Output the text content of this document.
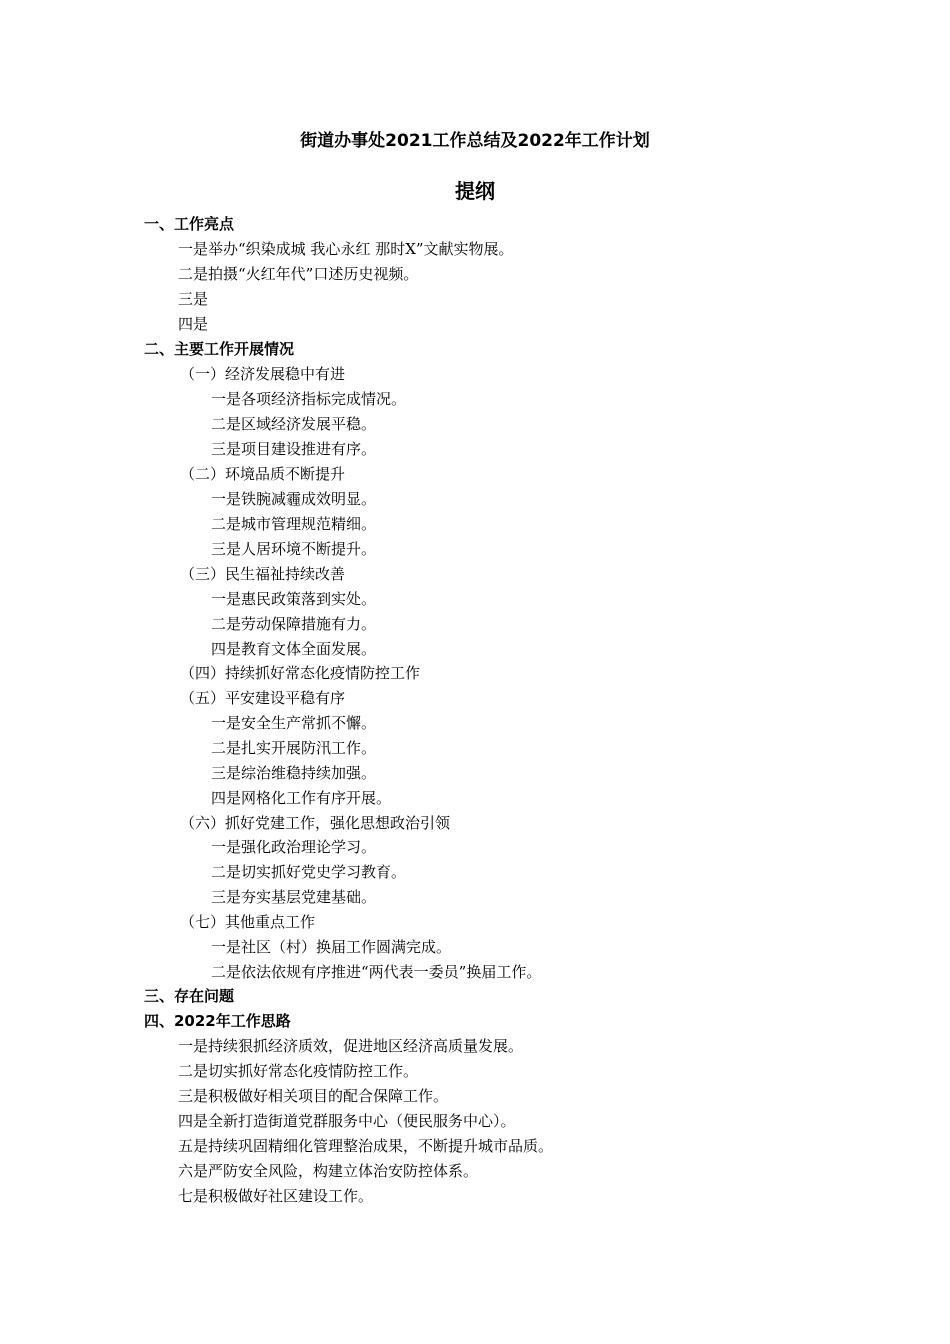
街道办事处2021工作总结及2022年工作计划
提纲
一、工作亮点
一是举办“织染成城 我心永红 那时X”文献实物展。
二是拍摄“火红年代”口述历史视频。
三是
四是
二、主要工作开展情况
（一）经济发展稳中有进
一是各项经济指标完成情况。
二是区域经济发展平稳。
三是项目建设推进有序。
（二）环境品质不断提升
一是铁腕减霾成效明显。
二是城市管理规范精细。
三是人居环境不断提升。
（三）民生福祉持续改善
一是惠民政策落到实处。
二是劳动保障措施有力。
四是教育文体全面发展。
（四）持续抓好常态化疫情防控工作
（五）平安建设平稳有序
一是安全生产常抓不懈。
二是扎实开展防汛工作。
三是综治维稳持续加强。
四是网格化工作有序开展。
（六）抓好党建工作，强化思想政治引领
一是强化政治理论学习。
二是切实抓好党史学习教育。
三是夯实基层党建基础。
（七）其他重点工作
一是社区（村）换届工作圆满完成。
二是依法依规有序推进“两代表一委员”换届工作。
三、存在问题
四、2022年工作思路
一是持续狠抓经济质效，促进地区经济高质量发展。
二是切实抓好常态化疫情防控工作。
三是积极做好相关项目的配合保障工作。
四是全新打造街道党群服务中心（便民服务中心）。
五是持续巩固精细化管理整治成果，不断提升城市品质。
六是严防安全风险，构建立体治安防控体系。
七是积极做好社区建设工作。
